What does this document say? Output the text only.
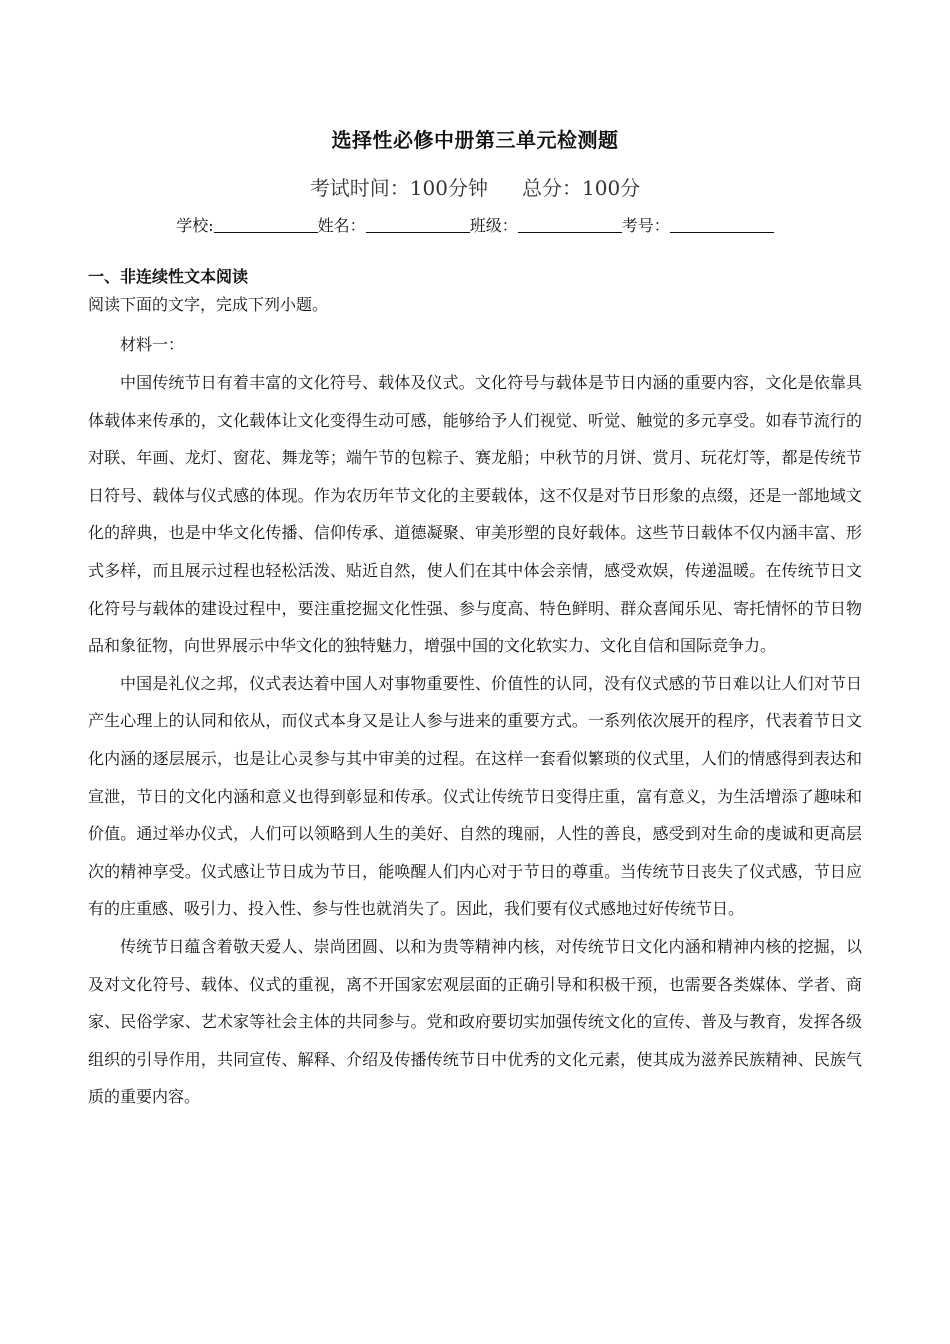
选择性必修中册第三单元检测题
考试时间：100分钟 总分：100分
学校:	姓名：	班级：	考号：
一、非连续性文本阅读
阅读下面的文字，完成下列小题。
材料一：

中国传统节日有着丰富的文化符号、载体及仪式。文化符号与载体是节日内涵的重要内容，文化是依靠具体载体来传承的，文化载体让文化变得生动可感，能够给予人们视觉、听觉、触觉的多元享受。如春节流行的对联、年画、龙灯、窗花、舞龙等；端午节的包粽子、赛龙船；中秋节的月饼、赏月、玩花灯等，都是传统节日符号、载体与仪式感的体现。作为农历年节文化的主要载体，这不仅是对节日形象的点缀，还是一部地域文化的辞典，也是中华文化传播、信仰传承、道德凝聚、审美形塑的良好载体。这些节日载体不仅内涵丰富、形式多样，而且展示过程也轻松活泼、贴近自然，使人们在其中体会亲情，感受欢娱，传递温暖。在传统节日文化符号与载体的建设过程中，要注重挖掘文化性强、参与度高、特色鲜明、群众喜闻乐见、寄托情怀的节日物品和象征物，向世界展示中华文化的独特魅力，增强中国的文化软实力、文化自信和国际竞争力。

中国是礼仪之邦，仪式表达着中国人对事物重要性、价值性的认同，没有仪式感的节日难以让人们对节日产生心理上的认同和依从，而仪式本身又是让人参与进来的重要方式。一系列依次展开的程序，代表着节日文化内涵的逐层展示，也是让心灵参与其中审美的过程。在这样一套看似繁琐的仪式里，人们的情感得到表达和宣泄，节日的文化内涵和意义也得到彰显和传承。仪式让传统节日变得庄重，富有意义，为生活增添了趣味和价值。通过举办仪式，人们可以领略到人生的美好、自然的瑰丽，人性的善良，感受到对生命的虔诚和更高层次的精神享受。仪式感让节日成为节日，能唤醒人们内心对于节日的尊重。当传统节日丧失了仪式感，节日应有的庄重感、吸引力、投入性、参与性也就消失了。因此，我们要有仪式感地过好传统节日。

传统节日蕴含着敬天爱人、崇尚团圆、以和为贵等精神内核，对传统节日文化内涵和精神内核的挖掘，以及对文化符号、载体、仪式的重视，离不开国家宏观层面的正确引导和积极干预，也需要各类媒体、学者、商家、民俗学家、艺术家等社会主体的共同参与。党和政府要切实加强传统文化的宣传、普及与教育，发挥各级组织的引导作用，共同宣传、解释、介绍及传播传统节日中优秀的文化元素，使其成为滋养民族精神、民族气质的重要内容。
